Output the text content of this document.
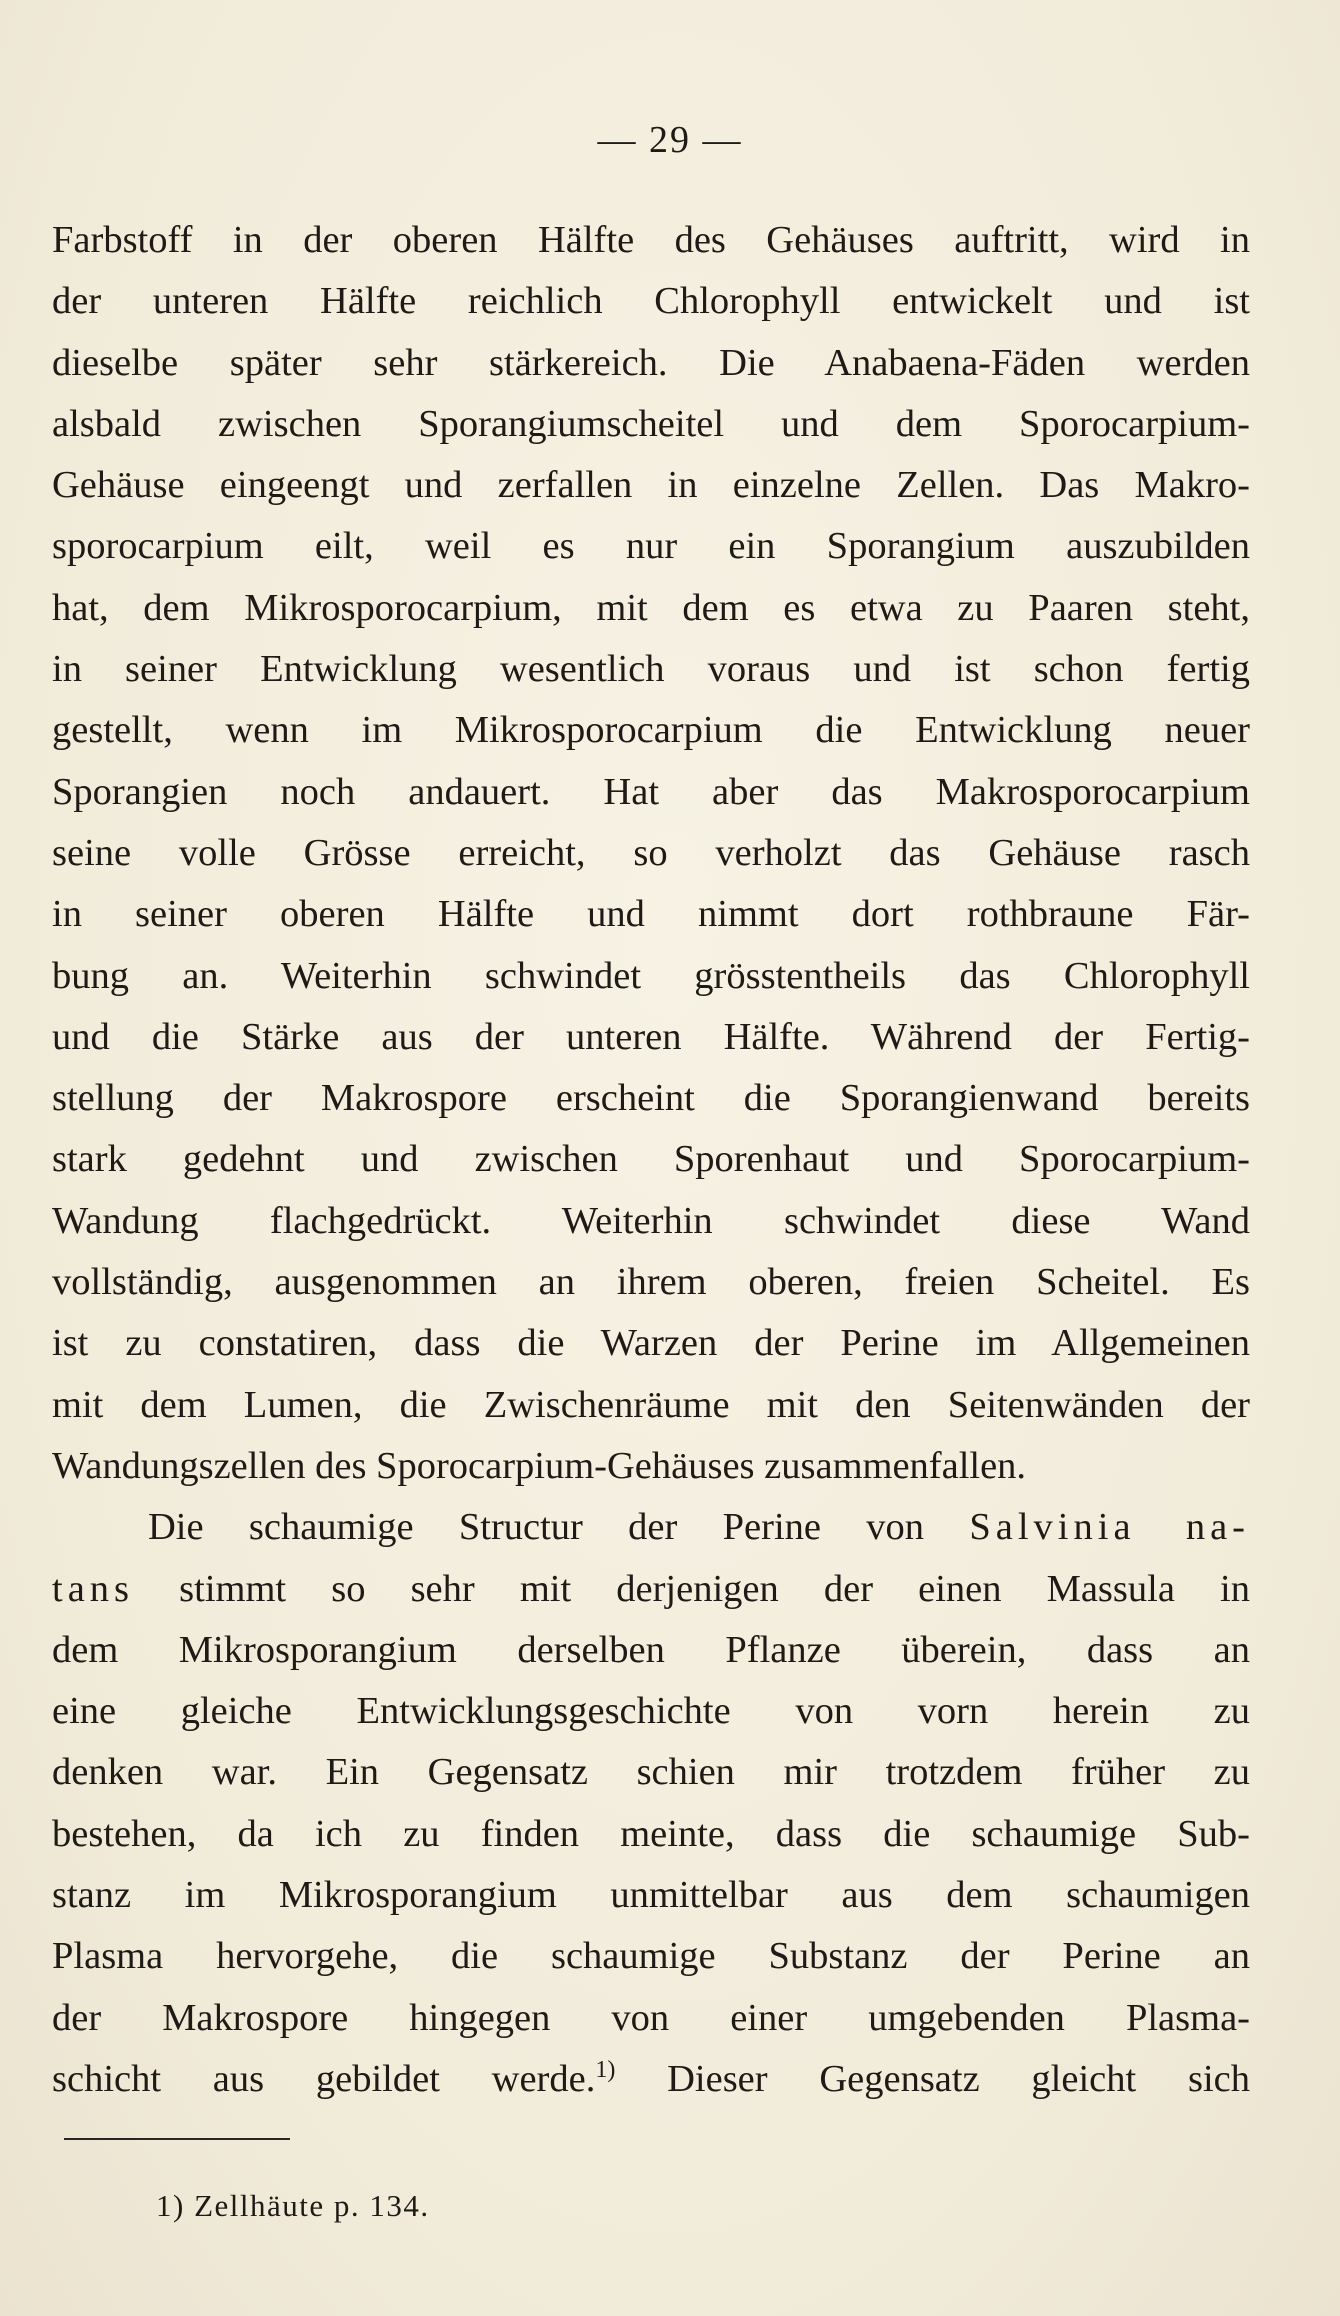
— 29 —
Farbstoff in der oberen Hälfte des Gehäuses auftritt, wird in
der unteren Hälfte reichlich Chlorophyll entwickelt und ist
dieselbe später sehr stärkereich. Die Anabaena-Fäden werden
alsbald zwischen Sporangiumscheitel und dem Sporocarpium-
Gehäuse eingeengt und zerfallen in einzelne Zellen. Das Makro-
sporocarpium eilt, weil es nur ein Sporangium auszubilden
hat, dem Mikrosporocarpium, mit dem es etwa zu Paaren steht,
in seiner Entwicklung wesentlich voraus und ist schon fertig
gestellt, wenn im Mikrosporocarpium die Entwicklung neuer
Sporangien noch andauert. Hat aber das Makrosporocarpium
seine volle Grösse erreicht, so verholzt das Gehäuse rasch
in seiner oberen Hälfte und nimmt dort rothbraune Fär-
bung an. Weiterhin schwindet grösstentheils das Chlorophyll
und die Stärke aus der unteren Hälfte. Während der Fertig-
stellung der Makrospore erscheint die Sporangienwand bereits
stark gedehnt und zwischen Sporenhaut und Sporocarpium-
Wandung flachgedrückt. Weiterhin schwindet diese Wand
vollständig, ausgenommen an ihrem oberen, freien Scheitel. Es
ist zu constatiren, dass die Warzen der Perine im Allgemeinen
mit dem Lumen, die Zwischenräume mit den Seitenwänden der
Wandungszellen des Sporocarpium-Gehäuses zusammenfallen.
Die schaumige Structur der Perine von Salvinia na-
tans stimmt so sehr mit derjenigen der einen Massula in
dem Mikrosporangium derselben Pflanze überein, dass an
eine gleiche Entwicklungsgeschichte von vorn herein zu
denken war. Ein Gegensatz schien mir trotzdem früher zu
bestehen, da ich zu finden meinte, dass die schaumige Sub-
stanz im Mikrosporangium unmittelbar aus dem schaumigen
Plasma hervorgehe, die schaumige Substanz der Perine an
der Makrospore hingegen von einer umgebenden Plasma-
schicht aus gebildet werde.$^{1)}$ Dieser Gegensatz gleicht sich
1) Zellhäute p. 134.
